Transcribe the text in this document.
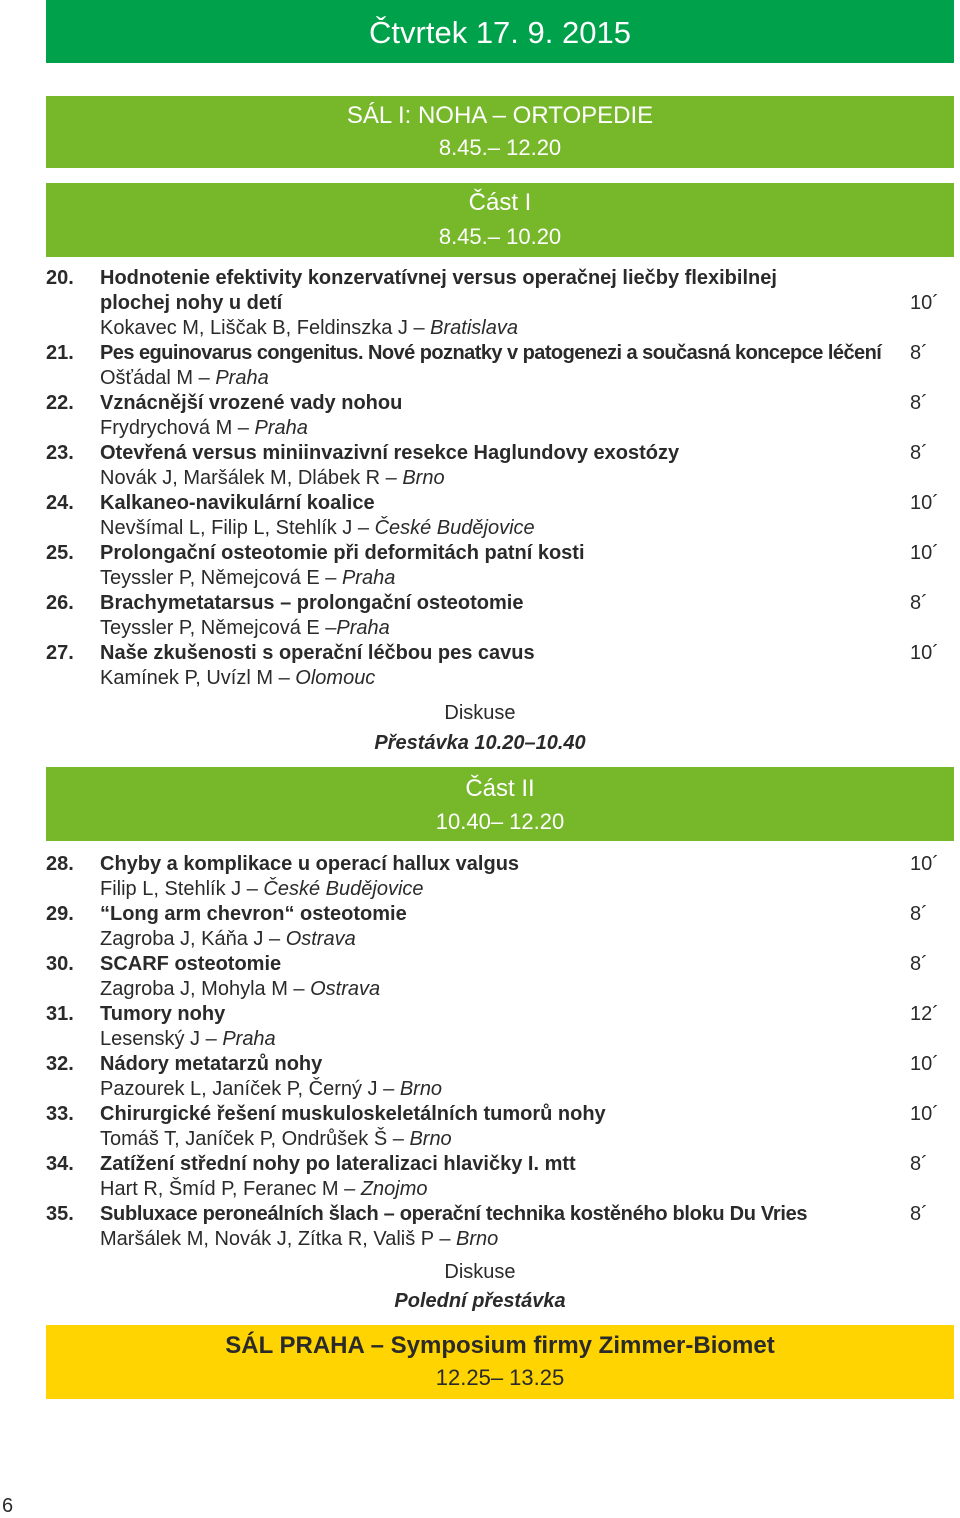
Čtvrtek 17. 9. 2015
SÁL I: NOHA – ORTOPEDIE
8.45.– 12.20
Část I
8.45.– 10.20
20. Hodnotenie efektivity konzervatívnej versus operačnej liečby flexibilnej
plochej nohy u detí	10´
Kokavec M, Liščak B, Feldinszka J – Bratislava
21. Pes eguinovarus congenitus. Nové poznatky v patogenezi a současná koncepce léčení 8´
Ošťádal M – Praha
22. Vznácnější vrozené vady nohou	8´
Frydrychová M – Praha
23. Otevřená versus miniinvazivní resekce Haglundovy exostózy	8´
Novák J, Maršálek M, Dlábek R – Brno
24. Kalkaneo-navikulární koalice	10´
Nevšímal L, Filip L, Stehlík J – České Budějovice
25. Prolongační osteotomie při deformitách patní kosti	10´
Teyssler P, Němejcová E – Praha
26. Brachymetatarsus – prolongační osteotomie	8´
Teyssler P, Němejcová E –Praha
27. Naše zkušenosti s operační léčbou pes cavus	10´
Kamínek P, Uvízl M – Olomouc
Diskuse
Přestávka 10.20–10.40
Část II
10.40– 12.20
28. Chyby a komplikace u operací hallux valgus	10´
Filip L, Stehlík J – České Budějovice
29. “Long arm chevron“ osteotomie	8´
Zagroba J, Káňa J – Ostrava
30. SCARF osteotomie	8´
Zagroba J, Mohyla M – Ostrava
31. Tumory nohy	12´
Lesenský J – Praha
32. Nádory metatarzů nohy	10´
Pazourek L, Janíček P, Černý J – Brno
33. Chirurgické řešení muskuloskeletálních tumorů nohy	10´
Tomáš T, Janíček P, Ondrůšek Š – Brno
34. Zatížení střední nohy po lateralizaci hlavičky I. mtt	8´
Hart R, Šmíd P, Feranec M – Znojmo
35. Subluxace peroneálních šlach – operační technika kostěného bloku Du Vries	8´
Maršálek M, Novák J, Zítka R, Vališ P – Brno
Diskuse
Polední přestávka
SÁL PRAHA – Symposium firmy Zimmer-Biomet
12.25– 13.25
6
